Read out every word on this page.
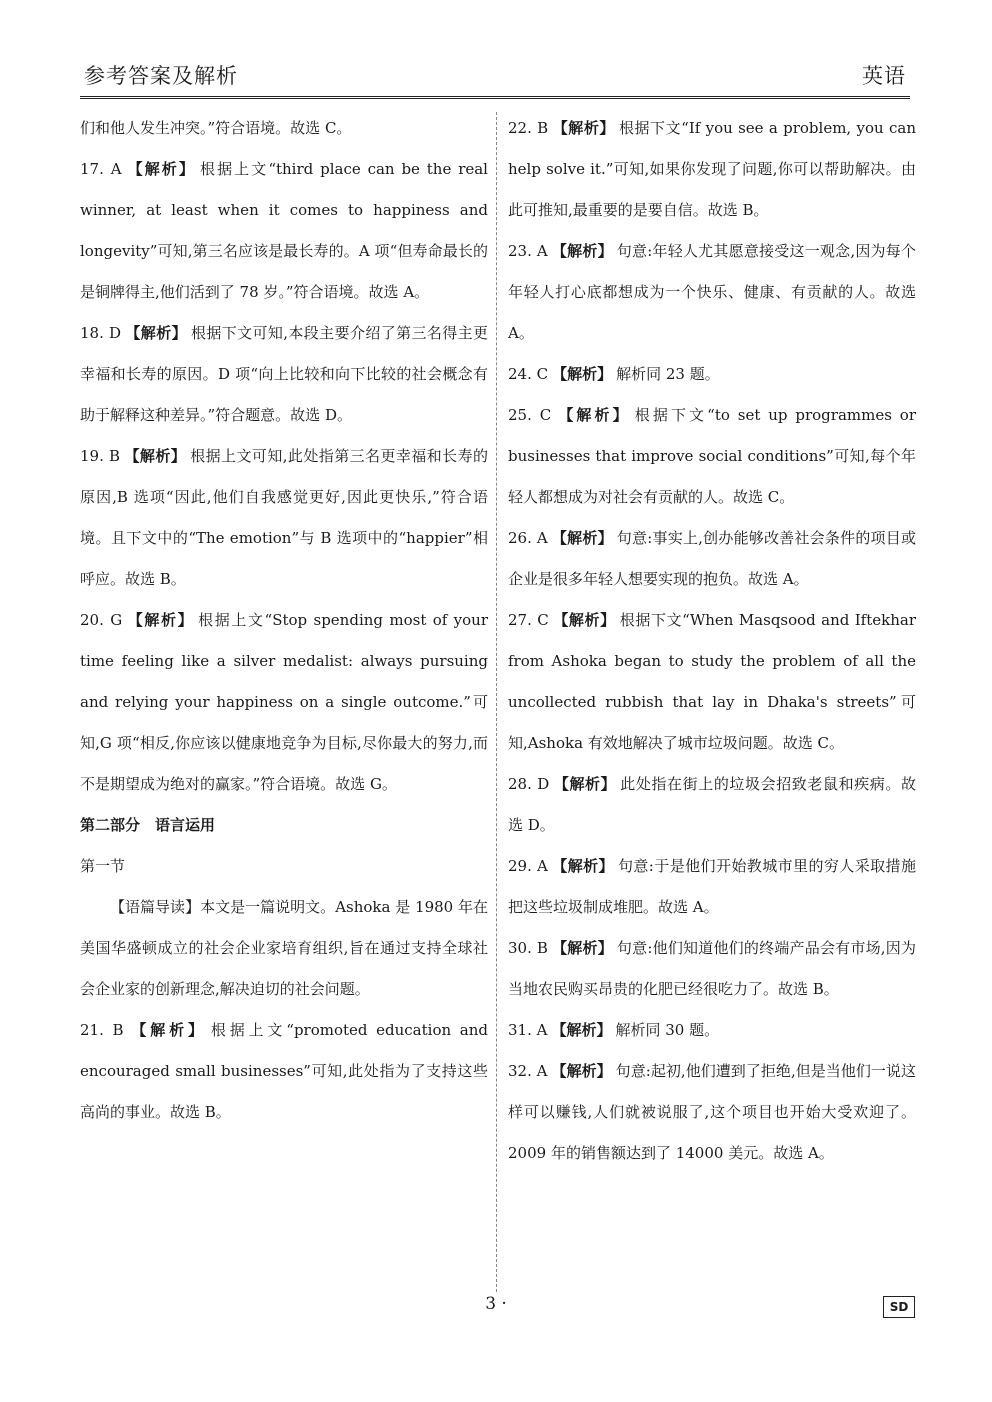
参考答案及解析	英语

们和他人发生冲突。”符合语境。故选 C。

17. A 【解析】 根据上文“third place can be the real winner, at least when it comes to happiness and longevity”可知,第三名应该是最长寿的。A 项“但寿命最长的是铜牌得主,他们活到了 78 岁。”符合语境。故选 A。

18. D 【解析】 根据下文可知,本段主要介绍了第三名得主更幸福和长寿的原因。D 项“向上比较和向下比较的社会概念有助于解释这种差异。”符合题意。故选 D。

19. B 【解析】 根据上文可知,此处指第三名更幸福和长寿的原因,B 选项“因此,他们自我感觉更好,因此更快乐,”符合语境。且下文中的“The emotion”与 B 选项中的“happier”相呼应。故选 B。

20. G 【解析】 根据上文“Stop spending most of your time feeling like a silver medalist: always pursuing and relying your happiness on a single outcome.”可知,G 项“相反,你应该以健康地竞争为目标,尽你最大的努力,而不是期望成为绝对的赢家。”符合语境。故选 G。

第二部分　语言运用

第一节

【语篇导读】本文是一篇说明文。Ashoka 是 1980 年在美国华盛顿成立的社会企业家培育组织,旨在通过支持全球社会企业家的创新理念,解决迫切的社会问题。

21. B 【解析】 根据上文“promoted education and encouraged small businesses”可知,此处指为了支持这些高尚的事业。故选 B。

22. B 【解析】 根据下文“If you see a problem, you can help solve it.”可知,如果你发现了问题,你可以帮助解决。由此可推知,最重要的是要自信。故选 B。

23. A 【解析】 句意:年轻人尤其愿意接受这一观念,因为每个年轻人打心底都想成为一个快乐、健康、有贡献的人。故选 A。

24. C 【解析】 解析同 23 题。

25. C 【解析】 根据下文“to set up programmes or businesses that improve social conditions”可知,每个年轻人都想成为对社会有贡献的人。故选 C。

26. A 【解析】 句意:事实上,创办能够改善社会条件的项目或企业是很多年轻人想要实现的抱负。故选 A。

27. C 【解析】 根据下文“When Masqsood and Iftekhar from Ashoka began to study the problem of all the uncollected rubbish that lay in Dhaka's streets”可知,Ashoka 有效地解决了城市垃圾问题。故选 C。

28. D 【解析】 此处指在街上的垃圾会招致老鼠和疾病。故选 D。

29. A 【解析】 句意:于是他们开始教城市里的穷人采取措施把这些垃圾制成堆肥。故选 A。

30. B 【解析】 句意:他们知道他们的终端产品会有市场,因为当地农民购买昂贵的化肥已经很吃力了。故选 B。

31. A 【解析】 解析同 30 题。

32. A 【解析】 句意:起初,他们遭到了拒绝,但是当他们一说这样可以赚钱,人们就被说服了,这个项目也开始大受欢迎了。2009 年的销售额达到了 14000 美元。故选 A。

3 ·	SD
